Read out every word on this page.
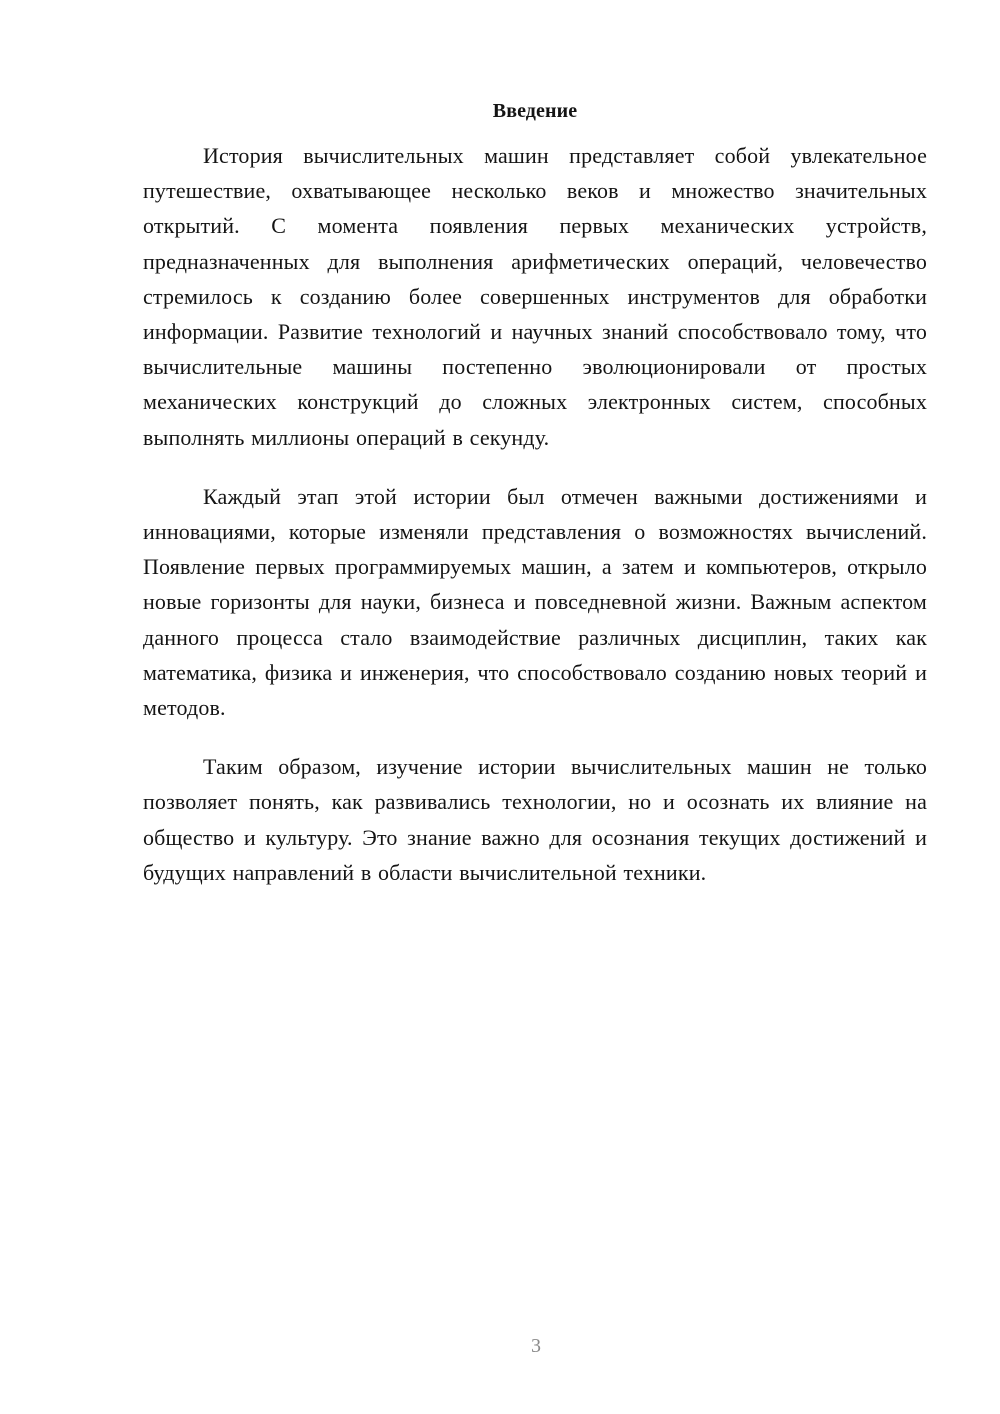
Введение

История вычислительных машин представляет собой увлекательное путешествие, охватывающее несколько веков и множество значительных открытий. С момента появления первых механических устройств, предназначенных для выполнения арифметических операций, человечество стремилось к созданию более совершенных инструментов для обработки информации. Развитие технологий и научных знаний способствовало тому, что вычислительные машины постепенно эволюционировали от простых механических конструкций до сложных электронных систем, способных выполнять миллионы операций в секунду.

Каждый этап этой истории был отмечен важными достижениями и инновациями, которые изменяли представления о возможностях вычислений. Появление первых программируемых машин, а затем и компьютеров, открыло новые горизонты для науки, бизнеса и повседневной жизни. Важным аспектом данного процесса стало взаимодействие различных дисциплин, таких как математика, физика и инженерия, что способствовало созданию новых теорий и методов.

Таким образом, изучение истории вычислительных машин не только позволяет понять, как развивались технологии, но и осознать их влияние на общество и культуру. Это знание важно для осознания текущих достижений и будущих направлений в области вычислительной техники.

3
